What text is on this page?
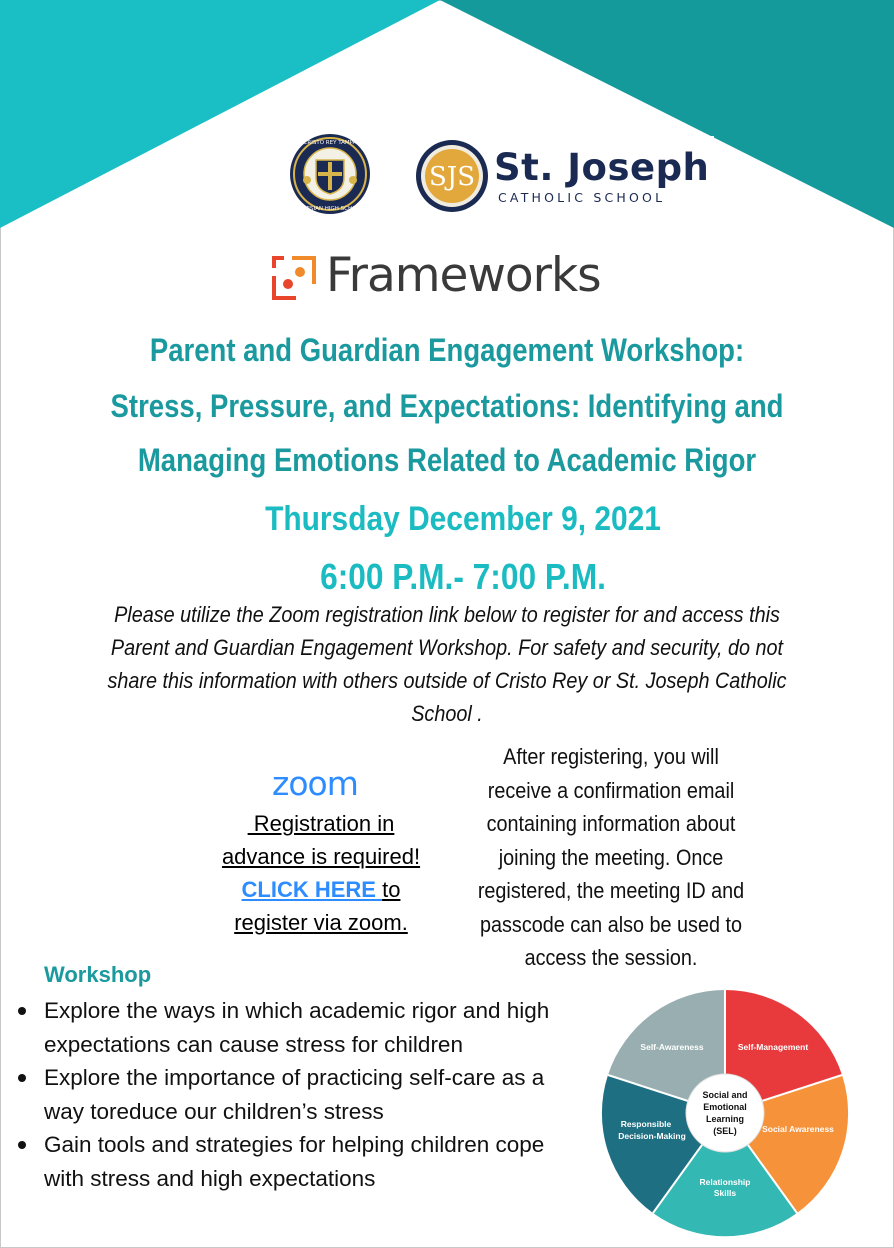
CRISTO REY TAMPA
SALESIAN HIGH SCHOOL
SJS St. Joseph
CATHOLIC SCHOOL
Frameworks
Parent and Guardian Engagement Workshop:
Stress, Pressure, and Expectations: Identifying and
Managing Emotions Related to Academic Rigor
Thursday December 9, 2021
6:00 P.M.- 7:00 P.M.
Please utilize the Zoom registration link below to register for and access this Parent and Guardian Engagement Workshop. For safety and security, do not share this information with others outside of Cristo Rey or St. Joseph Catholic School .
zoom
Registration in
advance is required!
CLICK HERE to
register via zoom.
After registering, you will receive a confirmation email containing information about joining the meeting. Once registered, the meeting ID and passcode can also be used to access the session.
Workshop
Explore the ways in which academic rigor and high expectations can cause stress for children
Explore the importance of practicing self-care as a way toreduce our children’s stress
Gain tools and strategies for helping children cope with stress and high expectations
Social and
Emotional
Learning
(SEL)
Self-Management
Social Awareness
Relationship
Skills
Responsible
Decision-Making
Self-Awareness
